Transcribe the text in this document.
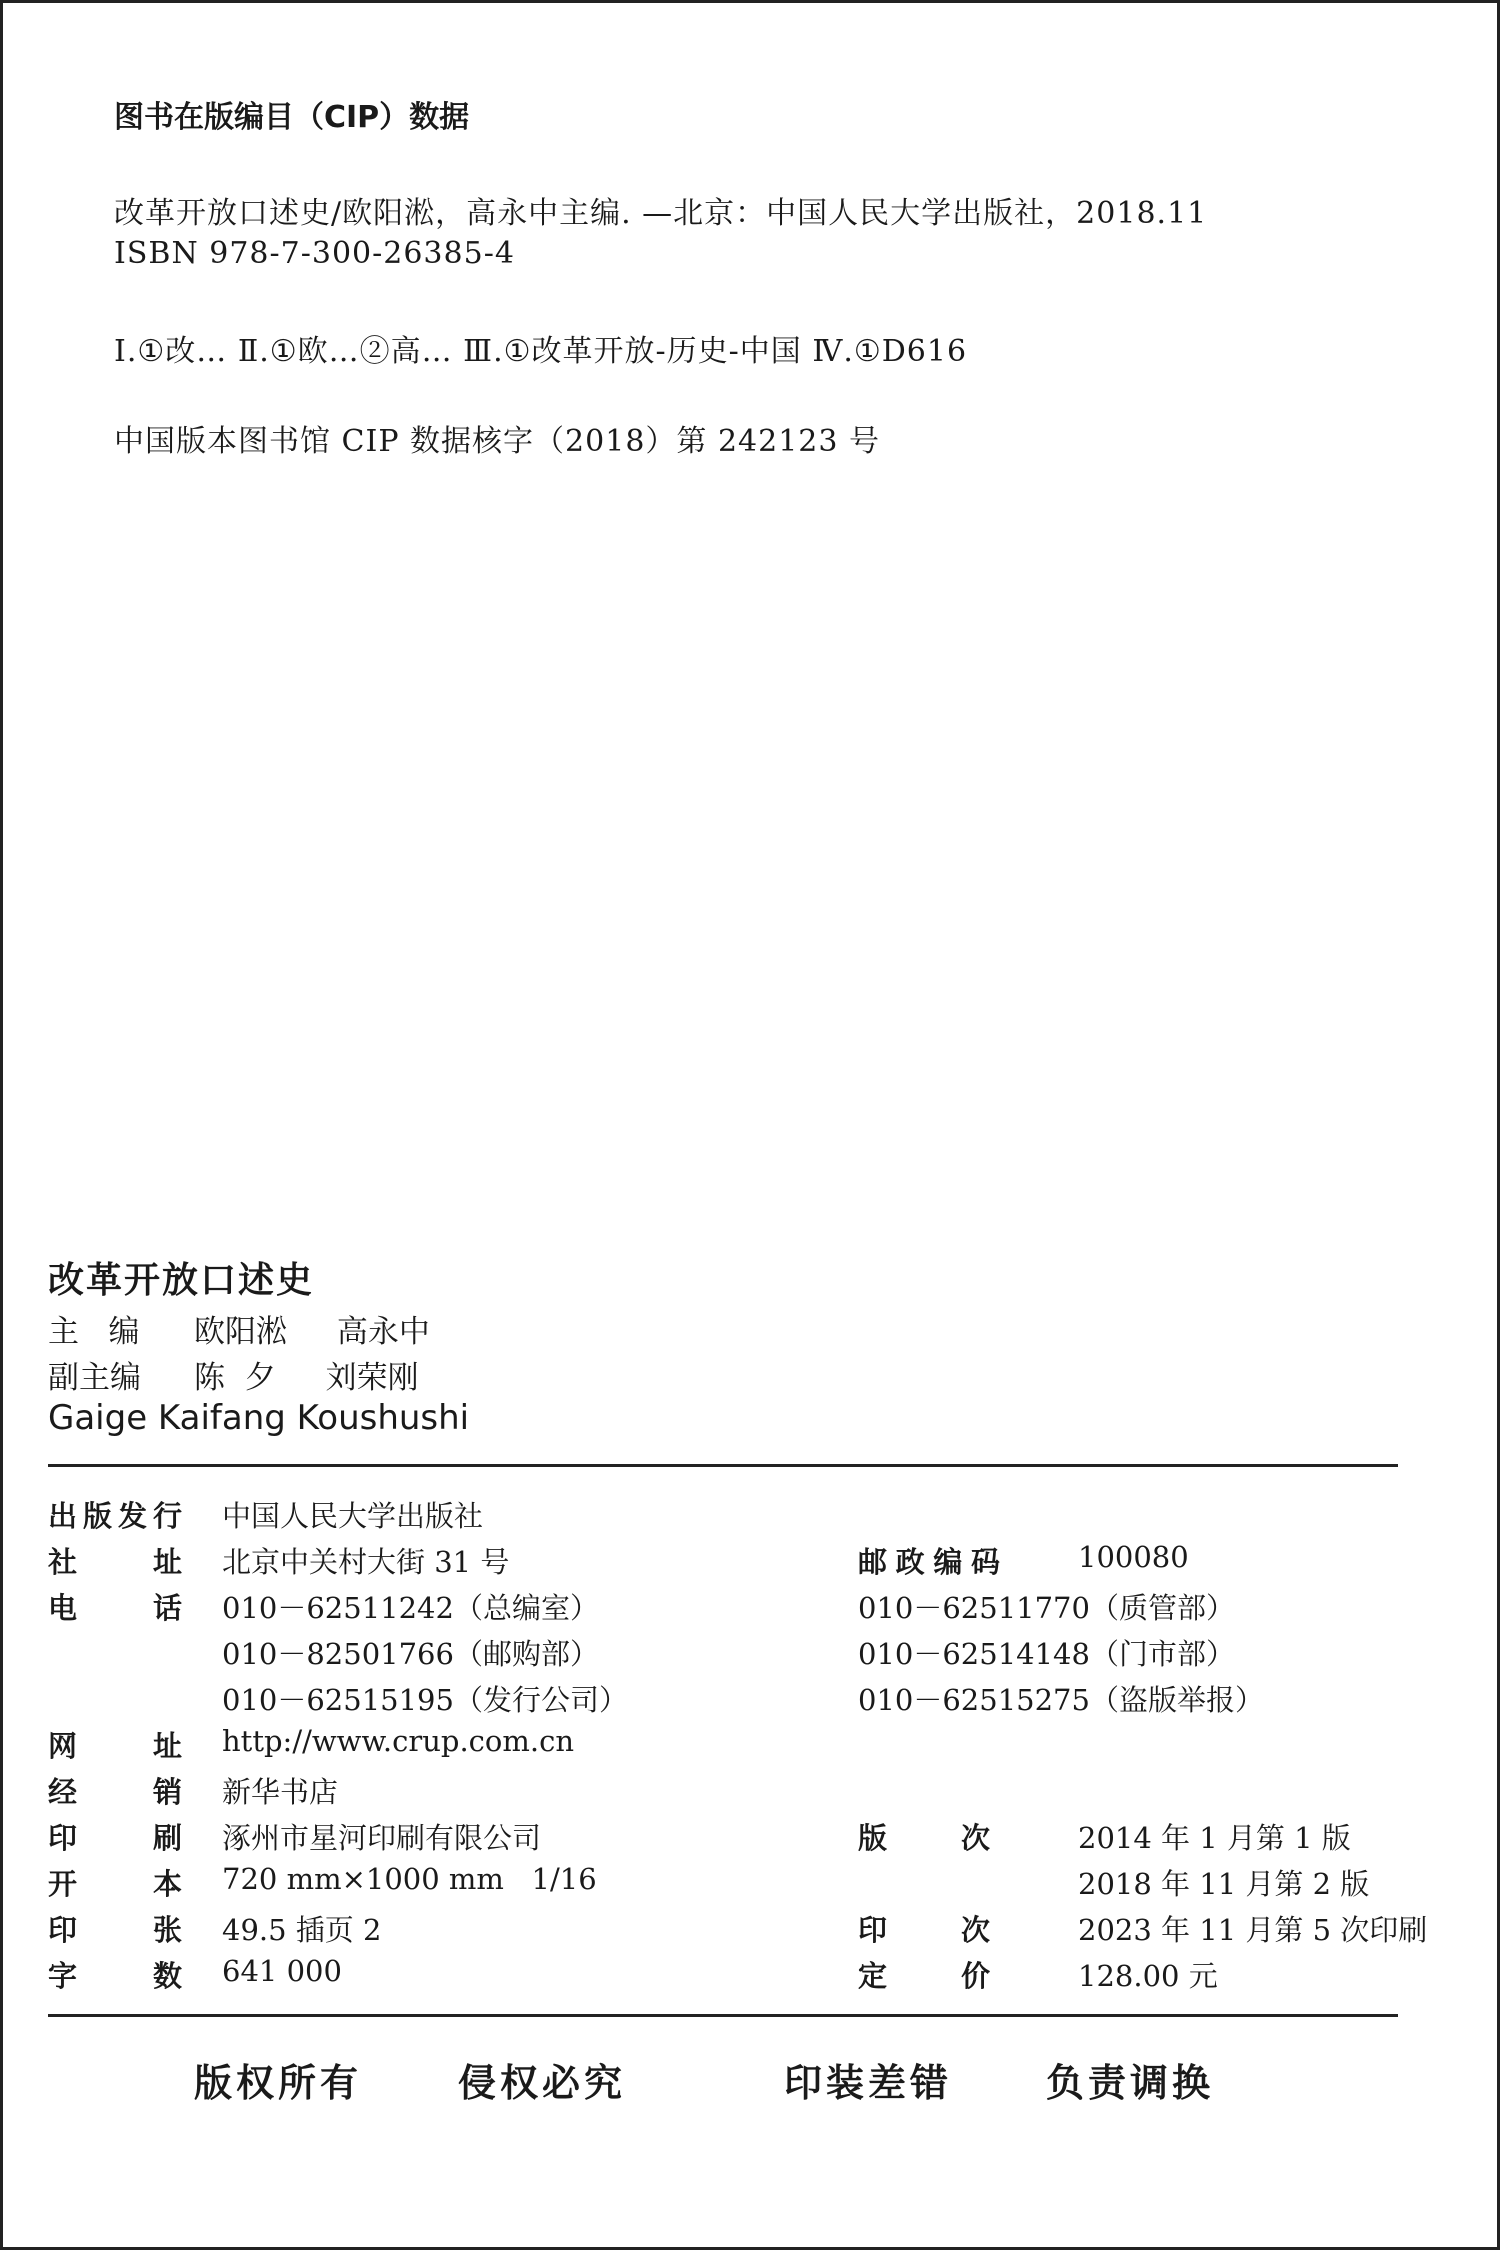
图书在版编目（CIP）数据
改革开放口述史/欧阳淞，高永中主编. —北京：中国人民大学出版社，2018.11
ISBN 978-7-300-26385-4
Ⅰ.①改… Ⅱ.①欧…②高… Ⅲ.①改革开放-历史-中国 Ⅳ.①D616
中国版本图书馆 CIP 数据核字（2018）第 242123 号
改革开放口述史
主   编	欧阳淞 高永中
副主编	陈  夕 刘荣刚
Gaige Kaifang Koushushi
出 版 发 行 中国人民大学出版社
社	址 北京中关村大街 31 号	邮 政 编 码	100080
电	话 010－62511242（总编室）	010－62511770（质管部）
010－82501766（邮购部）	010－62514148（门市部）
010－62515195（发行公司）	010－62515275（盗版举报）
网	址 http://www.crup.com.cn
经	销 新华书店
印	刷 涿州市星河印刷有限公司	版	次	2014 年 1 月第 1 版
开	本 720 mm×1000 mm   1/16	2018 年 11 月第 2 版
印	张 49.5 插页 2	印	次	2023 年 11 月第 5 次印刷
字	数 641 000	定	价	128.00 元
版权所有	侵权必究	印装差错 负责调换
